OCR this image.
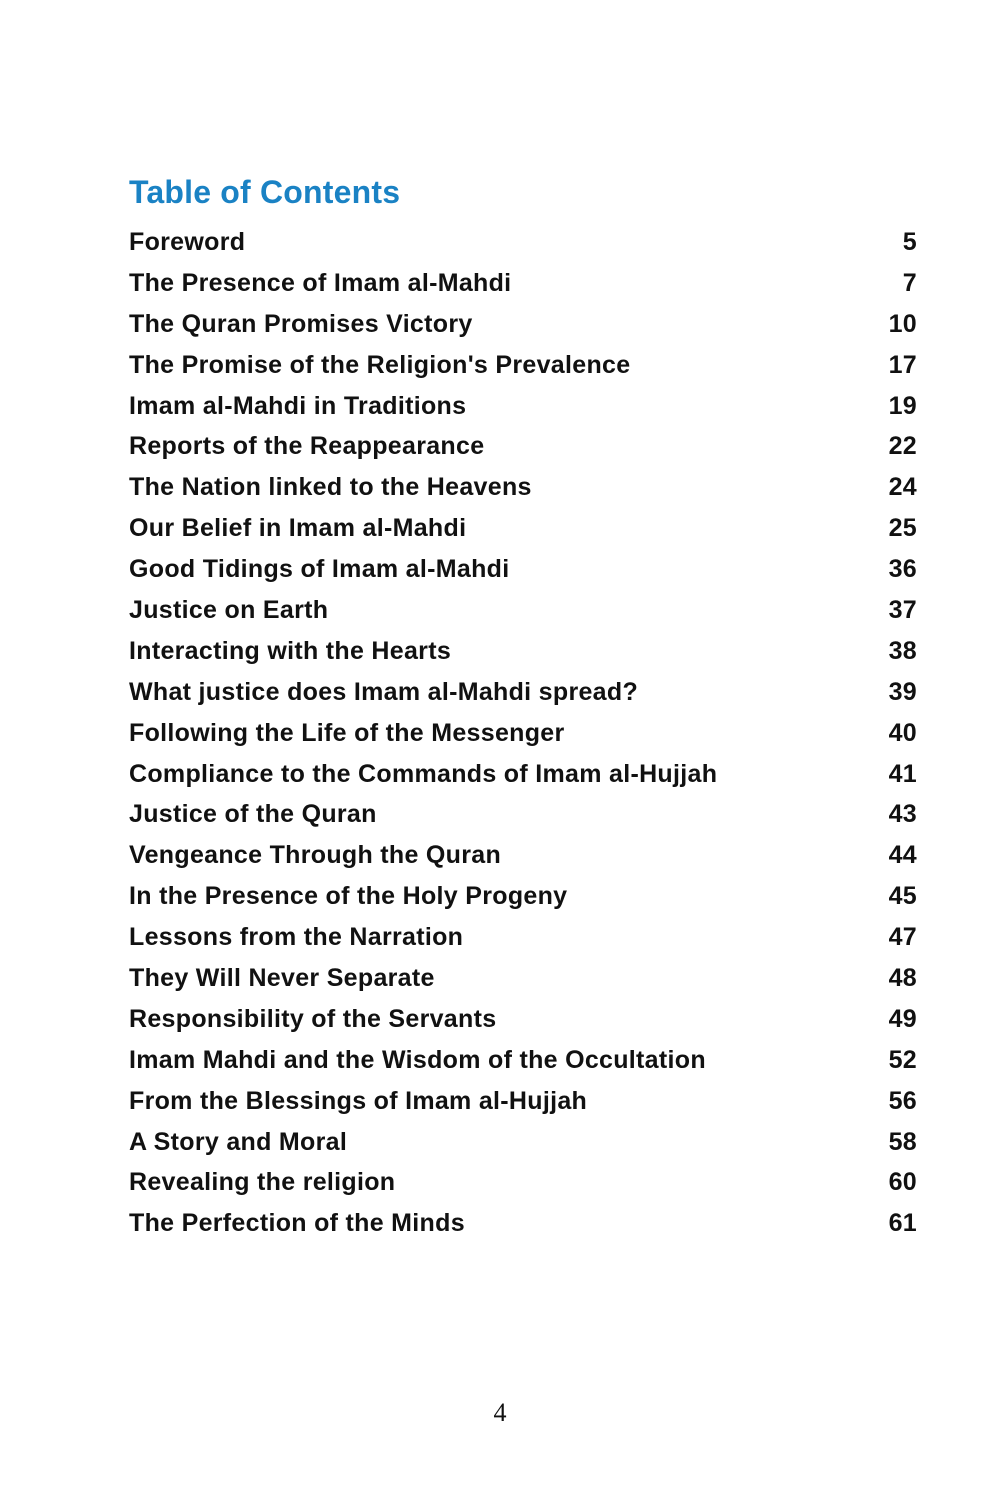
Table of Contents
Foreword	5
The Presence of Imam al-Mahdi	7
The Quran Promises Victory	10
The Promise of the Religion's Prevalence	17
Imam al-Mahdi in Traditions	19
Reports of the Reappearance	22
The Nation linked to the Heavens	24
Our Belief in Imam al-Mahdi	25
Good Tidings of Imam al-Mahdi	36
Justice on Earth	37
Interacting with the Hearts	38
What justice does Imam al-Mahdi spread?	39
Following the Life of the Messenger	40
Compliance to the Commands of Imam al-Hujjah	41
Justice of the Quran	43
Vengeance Through the Quran	44
In the Presence of the Holy Progeny	45
Lessons from the Narration	47
They Will Never Separate	48
Responsibility of the Servants	49
Imam Mahdi and the Wisdom of the Occultation	52
From the Blessings of Imam al-Hujjah	56
A Story and Moral	58
Revealing the religion	60
The Perfection of the Minds	61

4
